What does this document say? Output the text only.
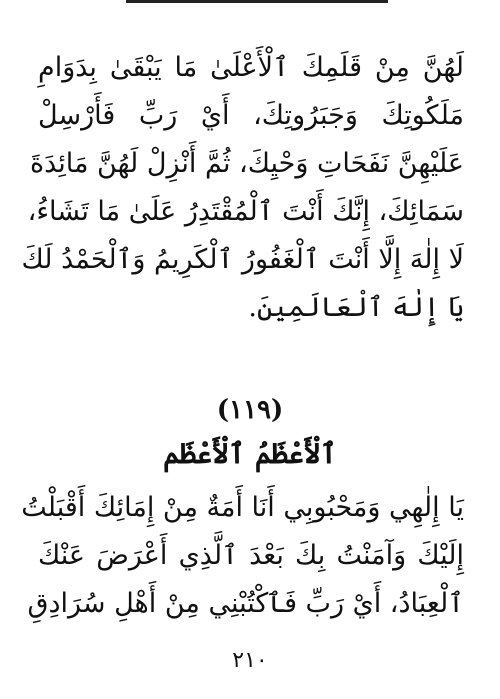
لَهُنَّ مِنْ قَلَمِكَ ٱلْأَعْلَىٰ مَا يَبْقَىٰ بِدَوَامِ
مَلَكُوتِكَ وَجَبَرُوتِكَ، أَيْ رَبِّ فَأَرْسِلْ
عَلَيْهِنَّ نَفَحَاتِ وَحْيِكَ، ثُمَّ أَنْزِلْ لَهُنَّ مَائِدَةَ
سَمَائِكَ، إِنَّكَ أَنْتَ ٱلْمُقْتَدِرُ عَلَىٰ مَا تَشَاءُ،
لَا إِلٰهَ إِلَّا أَنْتَ ٱلْغَفُورُ ٱلْكَرِيمُ وَٱلْحَمْدُ لَكَ
يَا إِلٰهَ ٱلْعَالَمِينَ.
(١١٩)
ٱلْأَعْظَمُ ٱلْأَعْظَم
يَا إِلٰهِي وَمَحْبُوبِي أَنَا أَمَةٌ مِنْ إِمَائِكَ أَقْبَلْتُ
إِلَيْكَ وَآمَنْتُ بِكَ بَعْدَ ٱلَّذِي أَعْرَضَ عَنْكَ
ٱلْعِبَادُ، أَيْ رَبِّ فَٱكْتُبْنِي مِنْ أَهْلِ سُرَادِقِ
٢١٠
